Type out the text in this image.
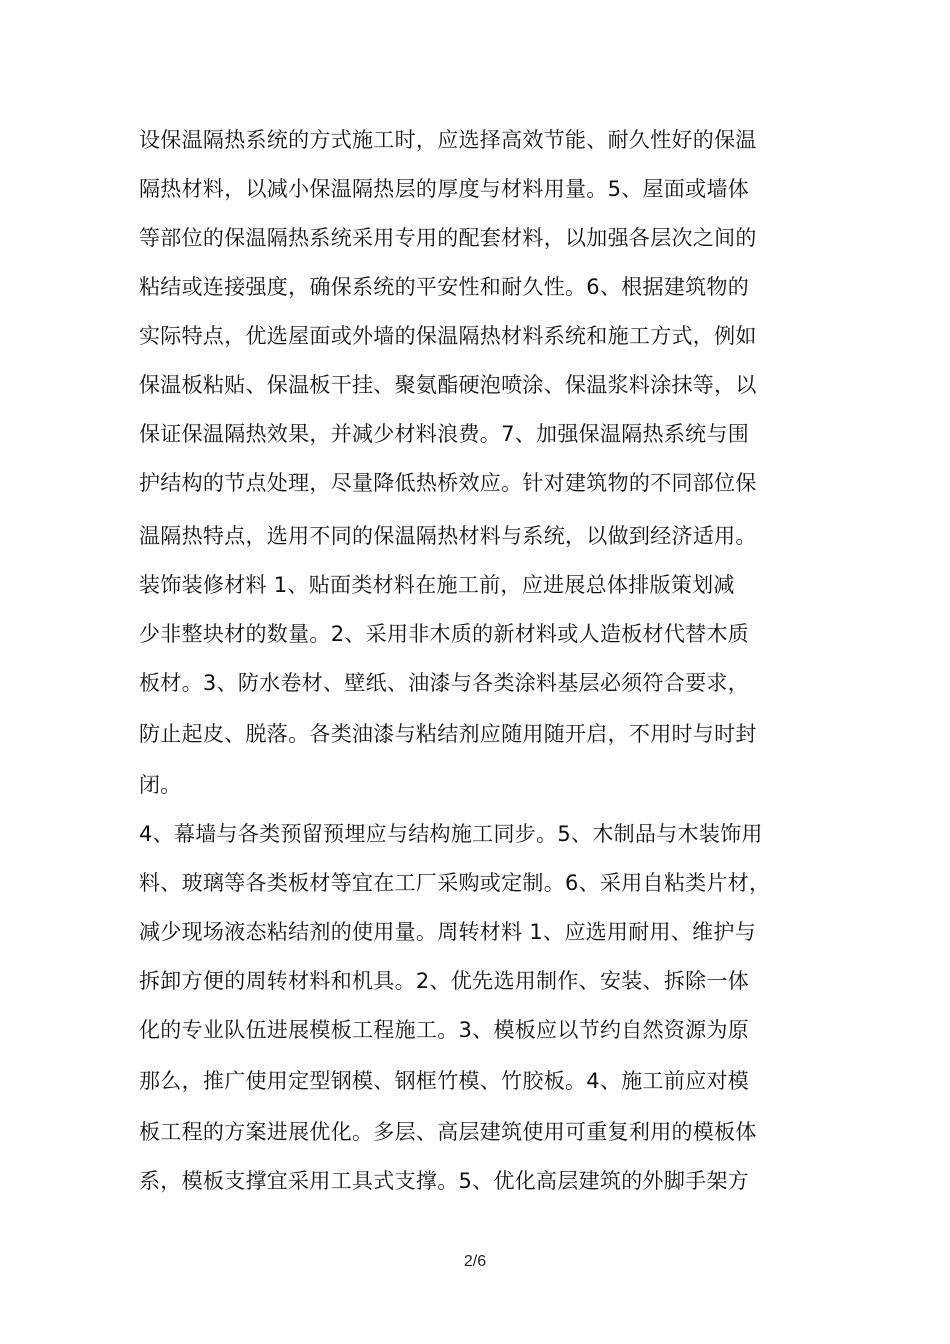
设保温隔热系统的方式施工时，应选择高效节能、耐久性好的保温
隔热材料，以减小保温隔热层的厚度与材料用量。5、屋面或墙体
等部位的保温隔热系统采用专用的配套材料，以加强各层次之间的
粘结或连接强度，确保系统的平安性和耐久性。6、根据建筑物的
实际特点，优选屋面或外墙的保温隔热材料系统和施工方式，例如
保温板粘贴、保温板干挂、聚氨酯硬泡喷涂、保温浆料涂抹等，以
保证保温隔热效果，并减少材料浪费。7、加强保温隔热系统与围
护结构的节点处理，尽量降低热桥效应。针对建筑物的不同部位保
温隔热特点，选用不同的保温隔热材料与系统，以做到经济适用。
装饰装修材料 1、贴面类材料在施工前，应进展总体排版策划减
少非整块材的数量。2、采用非木质的新材料或人造板材代替木质
板材。3、防水卷材、壁纸、油漆与各类涂料基层必须符合要求，
防止起皮、脱落。各类油漆与粘结剂应随用随开启，不用时与时封
闭。
4、幕墙与各类预留预埋应与结构施工同步。5、木制品与木装饰用
料、玻璃等各类板材等宜在工厂采购或定制。6、采用自粘类片材，
减少现场液态粘结剂的使用量。周转材料 1、应选用耐用、维护与
拆卸方便的周转材料和机具。2、优先选用制作、安装、拆除一体
化的专业队伍进展模板工程施工。3、模板应以节约自然资源为原
那么，推广使用定型钢模、钢框竹模、竹胶板。4、施工前应对模
板工程的方案进展优化。多层、高层建筑使用可重复利用的模板体
系，模板支撑宜采用工具式支撑。5、优化高层建筑的外脚手架方
2/6
